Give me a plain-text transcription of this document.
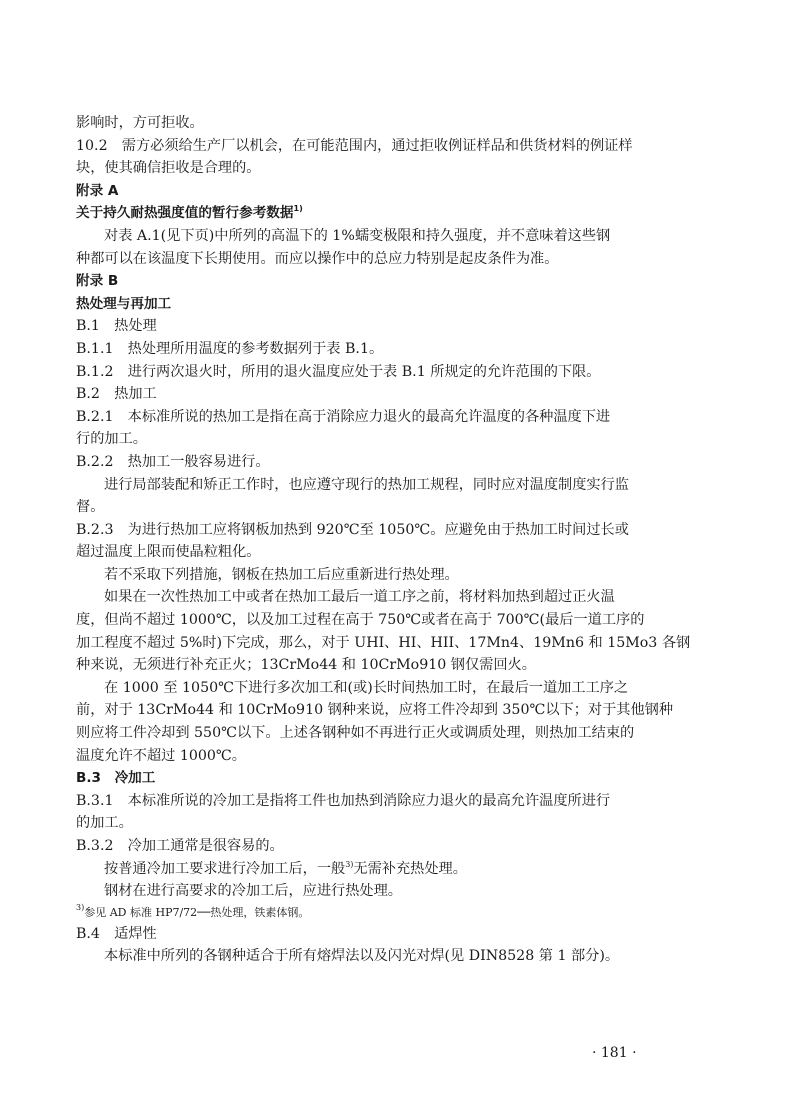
影响时，方可拒收。

10.2　需方必须给生产厂以机会，在可能范围内，通过拒收例证样品和供货材料的例证样

块，使其确信拒收是合理的。

附录 A

关于持久耐热强度值的暂行参考数据$^{1)}$

对表 A.1(见下页)中所列的高温下的 1%蠕变极限和持久强度，并不意味着这些钢

种都可以在该温度下长期使用。而应以操作中的总应力特别是起皮条件为准。

附录 B

热处理与再加工

B.1　热处理

B.1.1　热处理所用温度的参考数据列于表 B.1。

B.1.2　进行两次退火时，所用的退火温度应处于表 B.1 所规定的允许范围的下限。

B.2　热加工

B.2.1　本标准所说的热加工是指在高于消除应力退火的最高允许温度的各种温度下进

行的加工。

B.2.2　热加工一般容易进行。

进行局部装配和矫正工作时，也应遵守现行的热加工规程，同时应对温度制度实行监

督。

B.2.3　为进行热加工应将钢板加热到 920℃至 1050℃。应避免由于热加工时间过长或

超过温度上限而使晶粒粗化。

若不采取下列措施，钢板在热加工后应重新进行热处理。

如果在一次性热加工中或者在热加工最后一道工序之前，将材料加热到超过正火温

度，但尚不超过 1000℃，以及加工过程在高于 750℃或者在高于 700℃(最后一道工序的

加工程度不超过 5%时)下完成，那么，对于 UHI、HI、HII、17Mn4、19Mn6 和 15Mo3 各钢

种来说，无须进行补充正火；13CrMo44 和 10CrMo910 钢仅需回火。

在 1000 至 1050℃下进行多次加工和(或)长时间热加工时，在最后一道加工工序之

前，对于 13CrMo44 和 10CrMo910 钢种来说，应将工件冷却到 350℃以下；对于其他钢种

则应将工件冷却到 550℃以下。上述各钢种如不再进行正火或调质处理，则热加工结束的

温度允许不超过 1000℃。

B.3　冷加工

B.3.1　本标准所说的冷加工是指将工件也加热到消除应力退火的最高允许温度所进行

的加工。

B.3.2　冷加工通常是很容易的。

按普通冷加工要求进行冷加工后，一般$^{3)}$无需补充热处理。

钢材在进行高要求的冷加工后，应进行热处理。

$^{3)}$参见 AD 标准 HP7/72──热处理，铁素体钢。

B.4　适焊性

本标准中所列的各钢种适合于所有熔焊法以及闪光对焊(见 DIN8528 第 1 部分)。

· 181 ·
